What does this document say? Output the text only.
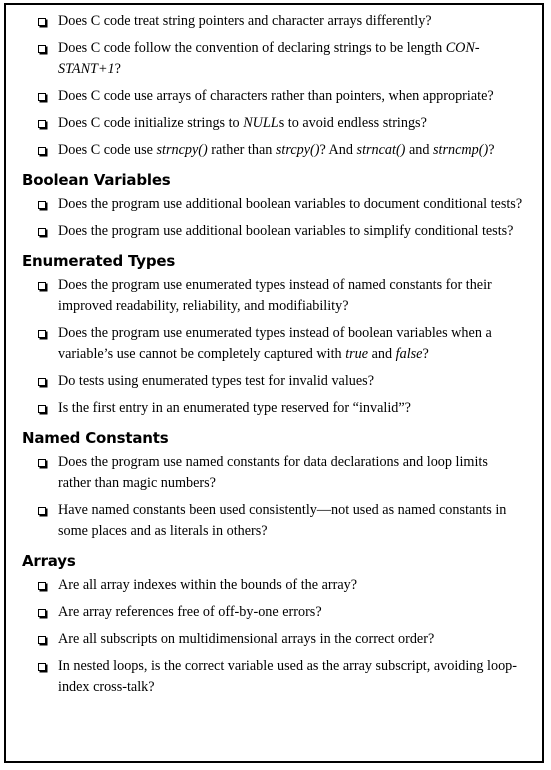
Does C code treat string pointers and character arrays differently?
Does C code follow the convention of declaring strings to be length CON-STANT+1?
Does C code use arrays of characters rather than pointers, when appropriate?
Does C code initialize strings to NULLs to avoid endless strings?
Does C code use strncpy() rather than strcpy()? And strncat() and strncmp()?
Boolean Variables
Does the program use additional boolean variables to document conditional tests?
Does the program use additional boolean variables to simplify conditional tests?
Enumerated Types
Does the program use enumerated types instead of named constants for their improved readability, reliability, and modifiability?
Does the program use enumerated types instead of boolean variables when a variable’s use cannot be completely captured with true and false?
Do tests using enumerated types test for invalid values?
Is the first entry in an enumerated type reserved for “invalid”?
Named Constants
Does the program use named constants for data declarations and loop limits rather than magic numbers?
Have named constants been used consistently—not used as named constants in some places and as literals in others?
Arrays
Are all array indexes within the bounds of the array?
Are array references free of off-by-one errors?
Are all subscripts on multidimensional arrays in the correct order?
In nested loops, is the correct variable used as the array subscript, avoiding loop-index cross-talk?
